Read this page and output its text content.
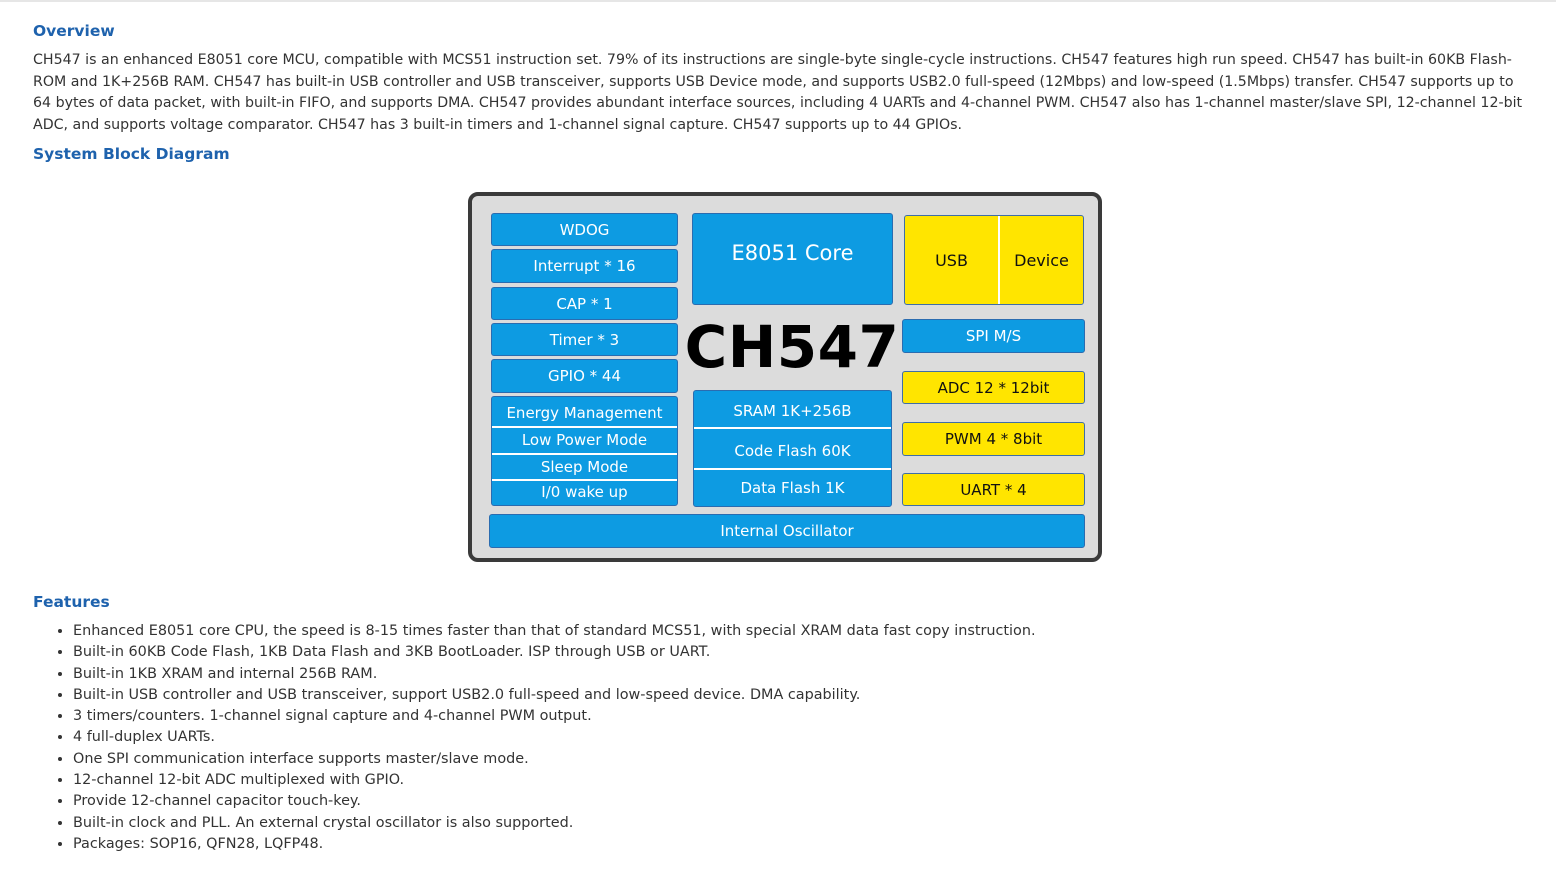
Overview

CH547 is an enhanced E8051 core MCU, compatible with MCS51 instruction set. 79% of its instructions are single-byte single-cycle instructions. CH547 features high run speed. CH547 has built-in 60KB Flash-ROM and 1K+256B RAM. CH547 has built-in USB controller and USB transceiver, supports USB Device mode, and supports USB2.0 full-speed (12Mbps) and low-speed (1.5Mbps) transfer. CH547 supports up to 64 bytes of data packet, with built-in FIFO, and supports DMA. CH547 provides abundant interface sources, including 4 UARTs and 4-channel PWM. CH547 also has 1-channel master/slave SPI, 12-channel 12-bit ADC, and supports voltage comparator. CH547 has 3 built-in timers and 1-channel signal capture. CH547 supports up to 44 GPIOs.

System Block Diagram
WDOG
Interrupt * 16
CAP * 1
Timer * 3
GPIO * 44
Energy Management
Low Power Mode
Sleep Mode
I/0 wake up
E8051 Core
CH547
SRAM 1K+256B
Code Flash 60K
Data Flash 1K
USB	Device
SPI M/S
ADC 12 * 12bit
PWM 4 * 8bit
UART * 4
Internal Oscillator
Features
• Enhanced E8051 core CPU, the speed is 8-15 times faster than that of standard MCS51, with special XRAM data fast copy instruction.
• Built-in 60KB Code Flash, 1KB Data Flash and 3KB BootLoader. ISP through USB or UART.
• Built-in 1KB XRAM and internal 256B RAM.
• Built-in USB controller and USB transceiver, support USB2.0 full-speed and low-speed device. DMA capability.
• 3 timers/counters. 1-channel signal capture and 4-channel PWM output.
• 4 full-duplex UARTs.
• One SPI communication interface supports master/slave mode.
• 12-channel 12-bit ADC multiplexed with GPIO.
• Provide 12-channel capacitor touch-key.
• Built-in clock and PLL. An external crystal oscillator is also supported.
• Packages: SOP16, QFN28, LQFP48.
